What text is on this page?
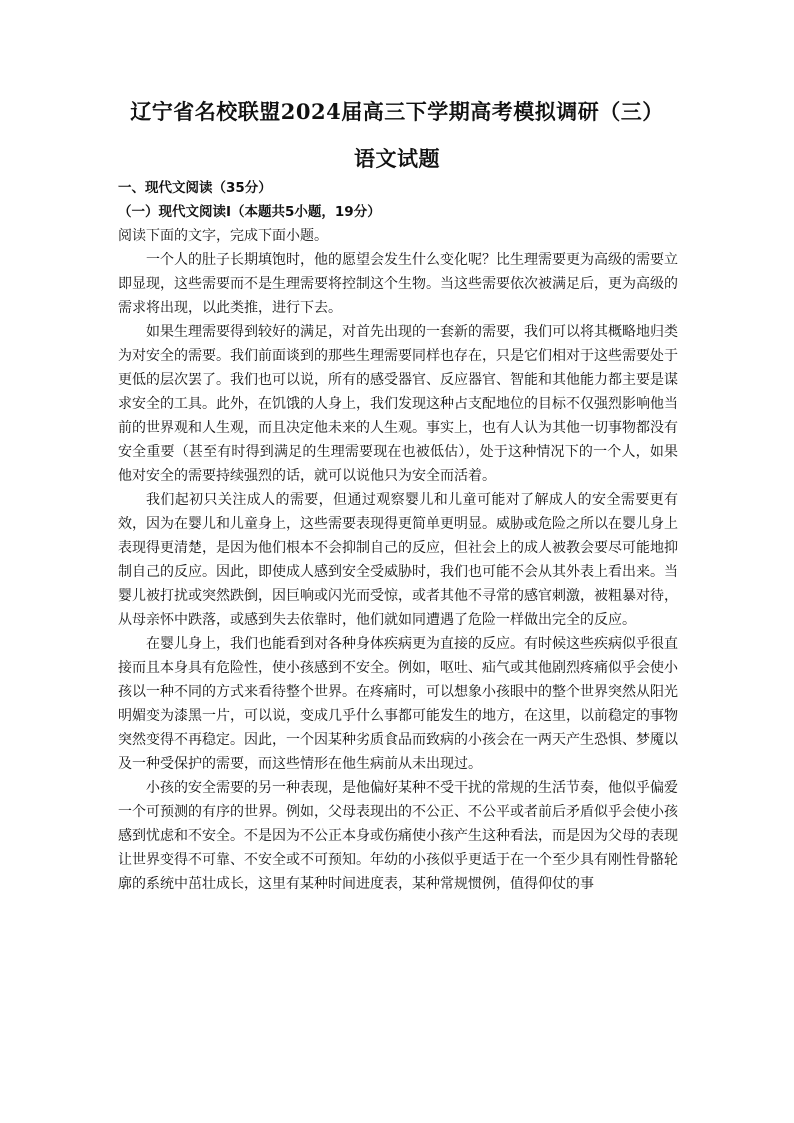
辽宁省名校联盟2024届高三下学期高考模拟调研（三）
语文试题
一、现代文阅读（35分）
（一）现代文阅读Ⅰ（本题共5小题，19分）
阅读下面的文字，完成下面小题。

一个人的肚子长期填饱时，他的愿望会发生什么变化呢？比生理需要更为高级的需要立即显现，这些需要而不是生理需要将控制这个生物。当这些需要依次被满足后，更为高级的需求将出现，以此类推，进行下去。

如果生理需要得到较好的满足，对首先出现的一套新的需要，我们可以将其概略地归类为对安全的需要。我们前面谈到的那些生理需要同样也存在，只是它们相对于这些需要处于更低的层次罢了。我们也可以说，所有的感受器官、反应器官、智能和其他能力都主要是谋求安全的工具。此外，在饥饿的人身上，我们发现这种占支配地位的目标不仅强烈影响他当前的世界观和人生观，而且决定他未来的人生观。事实上，也有人认为其他一切事物都没有安全重要（甚至有时得到满足的生理需要现在也被低估），处于这种情况下的一个人，如果他对安全的需要持续强烈的话，就可以说他只为安全而活着。

我们起初只关注成人的需要，但通过观察婴儿和儿童可能对了解成人的安全需要更有效，因为在婴儿和儿童身上，这些需要表现得更简单更明显。威胁或危险之所以在婴儿身上表现得更清楚，是因为他们根本不会抑制自己的反应，但社会上的成人被教会要尽可能地抑制自己的反应。因此，即使成人感到安全受威胁时，我们也可能不会从其外表上看出来。当婴儿被打扰或突然跌倒，因巨响或闪光而受惊，或者其他不寻常的感官刺激，被粗暴对待，从母亲怀中跌落，或感到失去依靠时，他们就如同遭遇了危险一样做出完全的反应。

在婴儿身上，我们也能看到对各种身体疾病更为直接的反应。有时候这些疾病似乎很直接而且本身具有危险性，使小孩感到不安全。例如，呕吐、疝气或其他剧烈疼痛似乎会使小孩以一种不同的方式来看待整个世界。在疼痛时，可以想象小孩眼中的整个世界突然从阳光明媚变为漆黑一片，可以说，变成几乎什么事都可能发生的地方，在这里，以前稳定的事物突然变得不再稳定。因此，一个因某种劣质食品而致病的小孩会在一两天产生恐惧、梦魇以及一种受保护的需要，而这些情形在他生病前从未出现过。

小孩的安全需要的另一种表现，是他偏好某种不受干扰的常规的生活节奏，他似乎偏爱一个可预测的有序的世界。例如，父母表现出的不公正、不公平或者前后矛盾似乎会使小孩感到忧虑和不安全。不是因为不公正本身或伤痛使小孩产生这种看法，而是因为父母的表现让世界变得不可靠、不安全或不可预知。年幼的小孩似乎更适于在一个至少具有刚性骨骼轮廓的系统中茁壮成长，这里有某种时间进度表，某种常规惯例，值得仰仗的事
